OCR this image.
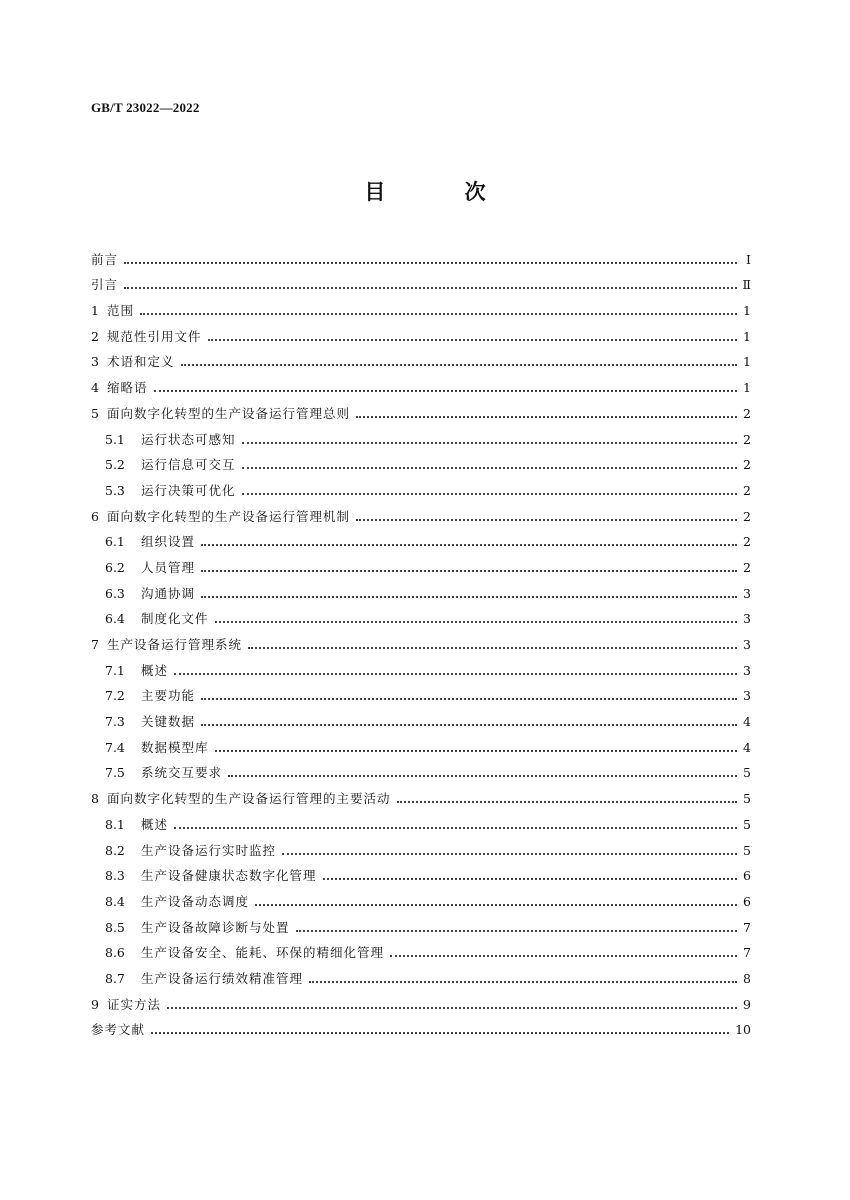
GB/T 23022—2022
目 次
前言	Ⅰ
引言	Ⅱ
1 范围	1
2 规范性引用文件	1
3 术语和定义	1
4 缩略语	1
5 面向数字化转型的生产设备运行管理总则	2
5.1	运行状态可感知	2
5.2	运行信息可交互	2
5.3	运行决策可优化	2
6 面向数字化转型的生产设备运行管理机制	2
6.1	组织设置	2
6.2	人员管理	2
6.3	沟通协调	3
6.4	制度化文件	3
7 生产设备运行管理系统	3
7.1	概述	3
7.2	主要功能	3
7.3	关键数据	4
7.4	数据模型库	4
7.5	系统交互要求	5
8 面向数字化转型的生产设备运行管理的主要活动	5
8.1	概述	5
8.2	生产设备运行实时监控	5
8.3	生产设备健康状态数字化管理	6
8.4	生产设备动态调度	6
8.5	生产设备故障诊断与处置	7
8.6	生产设备安全、能耗、环保的精细化管理	7
8.7	生产设备运行绩效精准管理	8
9 证实方法	9
参考文献	10
